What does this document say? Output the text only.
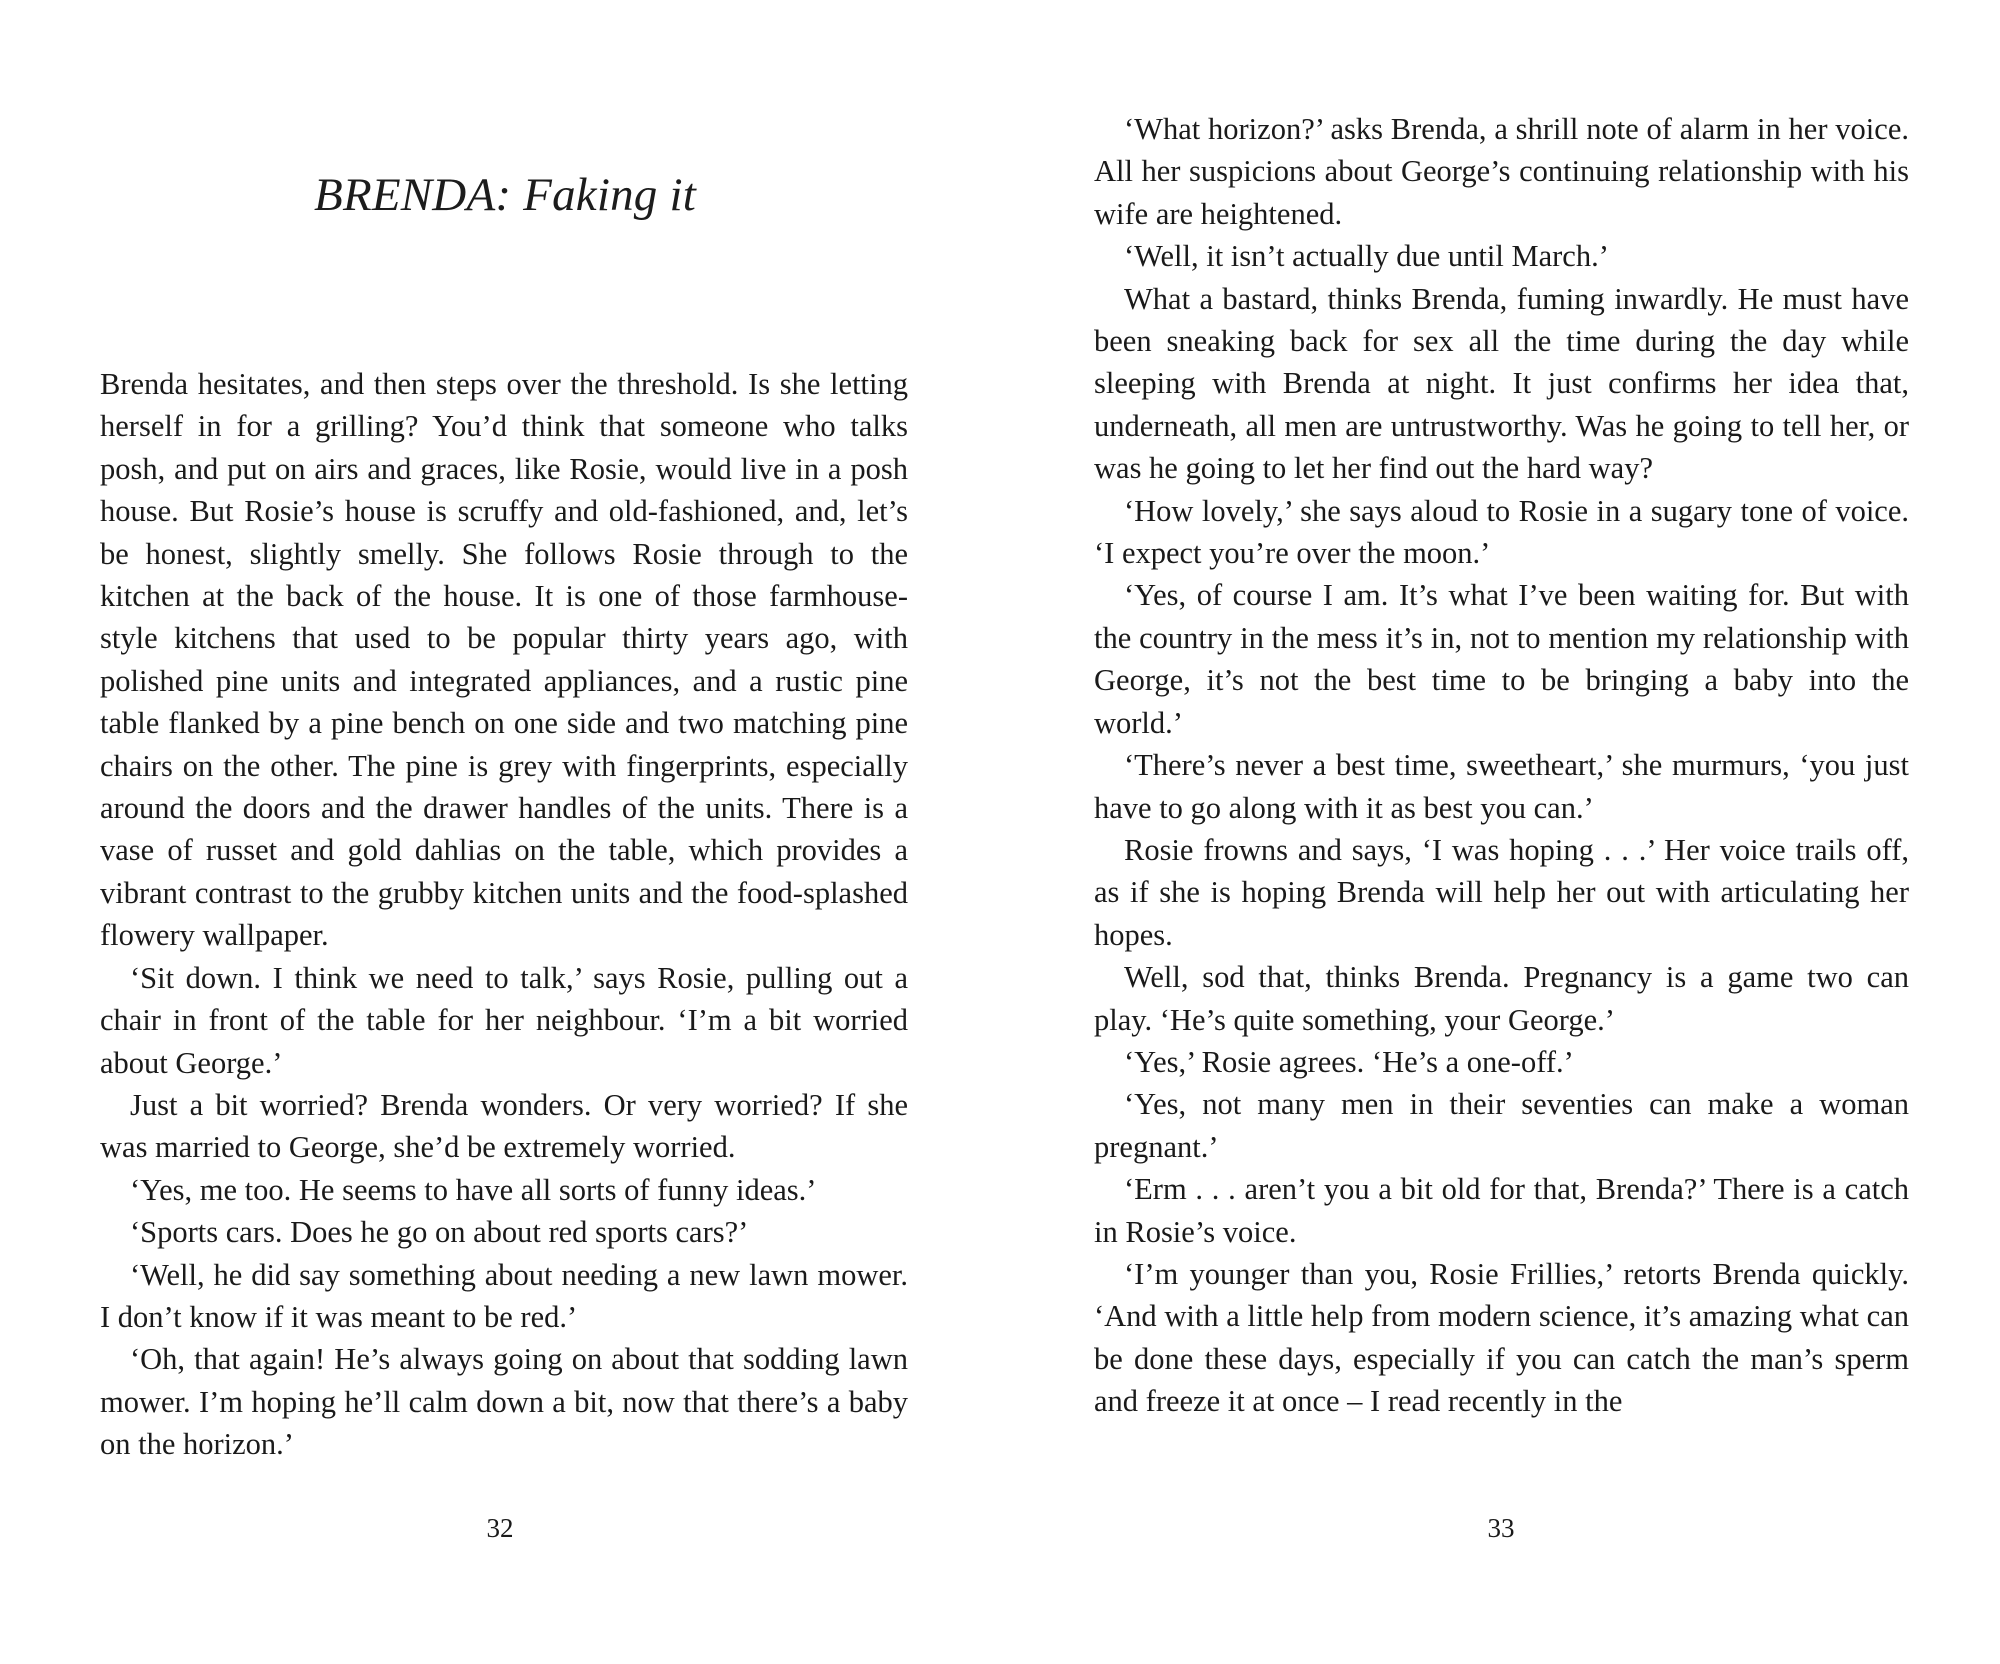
BRENDA: Faking it

Brenda hesitates, and then steps over the threshold. Is she letting herself in for a grilling? You’d think that someone who talks posh, and put on airs and graces, like Rosie, would live in a posh house. But Rosie’s house is scruffy and old-fashioned, and, let’s be honest, slightly smelly. She follows Rosie through to the kitchen at the back of the house. It is one of those farmhouse-style kitchens that used to be popular thirty years ago, with polished pine units and integrated appliances, and a rustic pine table flanked by a pine bench on one side and two matching pine chairs on the other. The pine is grey with fingerprints, especially around the doors and the drawer handles of the units. There is a vase of russet and gold dahlias on the table, which provides a vibrant contrast to the grubby kitchen units and the food-splashed flowery wallpaper.

‘Sit down. I think we need to talk,’ says Rosie, pulling out a chair in front of the table for her neighbour. ‘I’m a bit worried about George.’

Just a bit worried? Brenda wonders. Or very worried? If she was married to George, she’d be extremely worried.

‘Yes, me too. He seems to have all sorts of funny ideas.’

‘Sports cars. Does he go on about red sports cars?’

‘Well, he did say something about needing a new lawn mower. I don’t know if it was meant to be red.’

‘Oh, that again! He’s always going on about that sodding lawn mower. I’m hoping he’ll calm down a bit, now that there’s a baby on the horizon.’

32

‘What horizon?’ asks Brenda, a shrill note of alarm in her voice. All her suspicions about George’s continuing relationship with his wife are heightened.

‘Well, it isn’t actually due until March.’

What a bastard, thinks Brenda, fuming inwardly. He must have been sneaking back for sex all the time during the day while sleeping with Brenda at night. It just confirms her idea that, underneath, all men are untrustworthy. Was he going to tell her, or was he going to let her find out the hard way?

‘How lovely,’ she says aloud to Rosie in a sugary tone of voice. ‘I expect you’re over the moon.’

‘Yes, of course I am. It’s what I’ve been waiting for. But with the country in the mess it’s in, not to mention my relationship with George, it’s not the best time to be bringing a baby into the world.’

‘There’s never a best time, sweetheart,’ she murmurs, ‘you just have to go along with it as best you can.’

Rosie frowns and says, ‘I was hoping . . .’ Her voice trails off, as if she is hoping Brenda will help her out with articulating her hopes.

Well, sod that, thinks Brenda. Pregnancy is a game two can play. ‘He’s quite something, your George.’

‘Yes,’ Rosie agrees. ‘He’s a one-off.’

‘Yes, not many men in their seventies can make a woman pregnant.’

‘Erm . . . aren’t you a bit old for that, Brenda?’ There is a catch in Rosie’s voice.

‘I’m younger than you, Rosie Frillies,’ retorts Brenda quickly. ‘And with a little help from modern science, it’s amazing what can be done these days, especially if you can catch the man’s sperm and freeze it at once – I read recently in the

33
